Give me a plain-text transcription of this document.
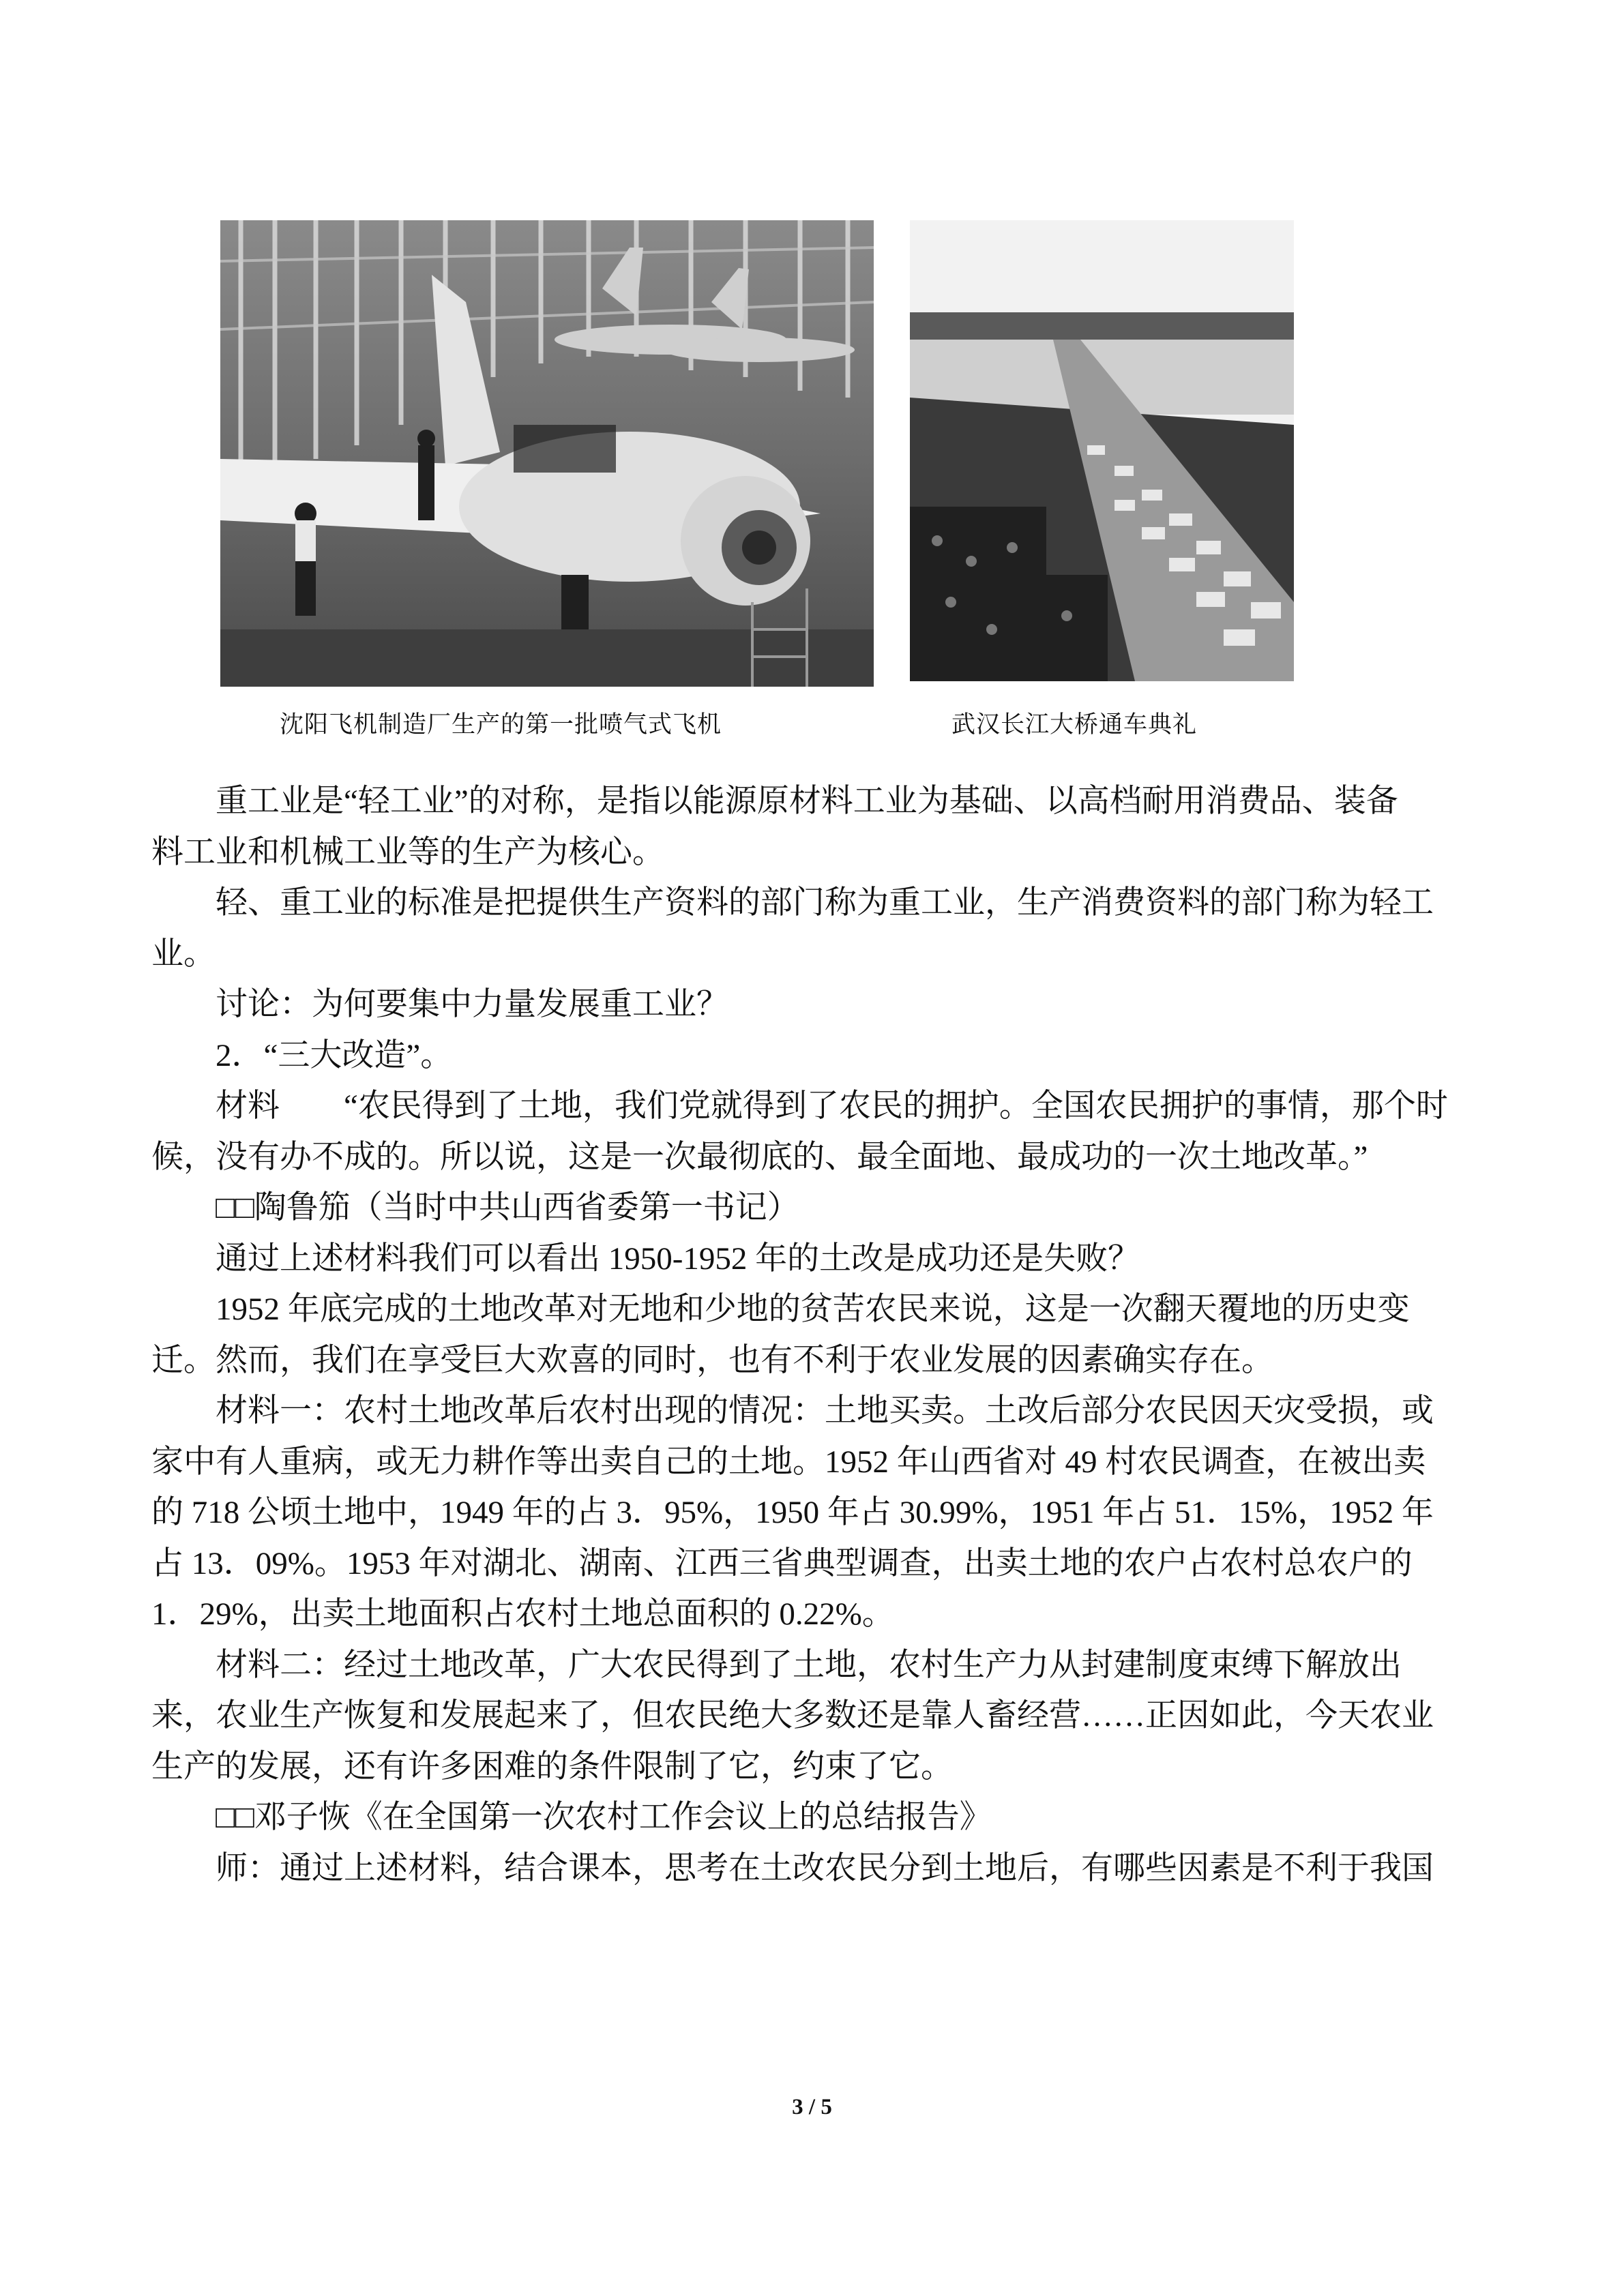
沈阳飞机制造厂生产的第一批喷气式飞机	武汉长江大桥通车典礼

重工业是“轻工业”的对称，是指以能源原材料工业为基础、以高档耐用消费品、装备

料工业和机械工业等的生产为核心。

轻、重工业的标准是把提供生产资料的部门称为重工业，生产消费资料的部门称为轻工

业。

讨论：为何要集中力量发展重工业？

2．“三大改造”。

材料　　“农民得到了土地，我们党就得到了农民的拥护。全国农民拥护的事情，那个时

候，没有办不成的。所以说，这是一次最彻底的、最全面地、最成功的一次土地改革。”

□□陶鲁笳（当时中共山西省委第一书记）

通过上述材料我们可以看出 1950-1952 年的土改是成功还是失败？

1952 年底完成的土地改革对无地和少地的贫苦农民来说，这是一次翻天覆地的历史变

迁。然而，我们在享受巨大欢喜的同时，也有不利于农业发展的因素确实存在。

材料一：农村土地改革后农村出现的情况：土地买卖。土改后部分农民因天灾受损，或

家中有人重病，或无力耕作等出卖自己的土地。1952 年山西省对 49 村农民调查，在被出卖

的 718 公顷土地中，1949 年的占 3．95%，1950 年占 30.99%，1951 年占 51．15%，1952 年

占 13．09%。1953 年对湖北、湖南、江西三省典型调查，出卖土地的农户占农村总农户的

1．29%，出卖土地面积占农村土地总面积的 0.22%。

材料二：经过土地改革，广大农民得到了土地，农村生产力从封建制度束缚下解放出

来，农业生产恢复和发展起来了，但农民绝大多数还是靠人畜经营……正因如此，今天农业

生产的发展，还有许多困难的条件限制了它，约束了它。

□□邓子恢《在全国第一次农村工作会议上的总结报告》

师：通过上述材料，结合课本，思考在土改农民分到土地后，有哪些因素是不利于我国

3 / 5
